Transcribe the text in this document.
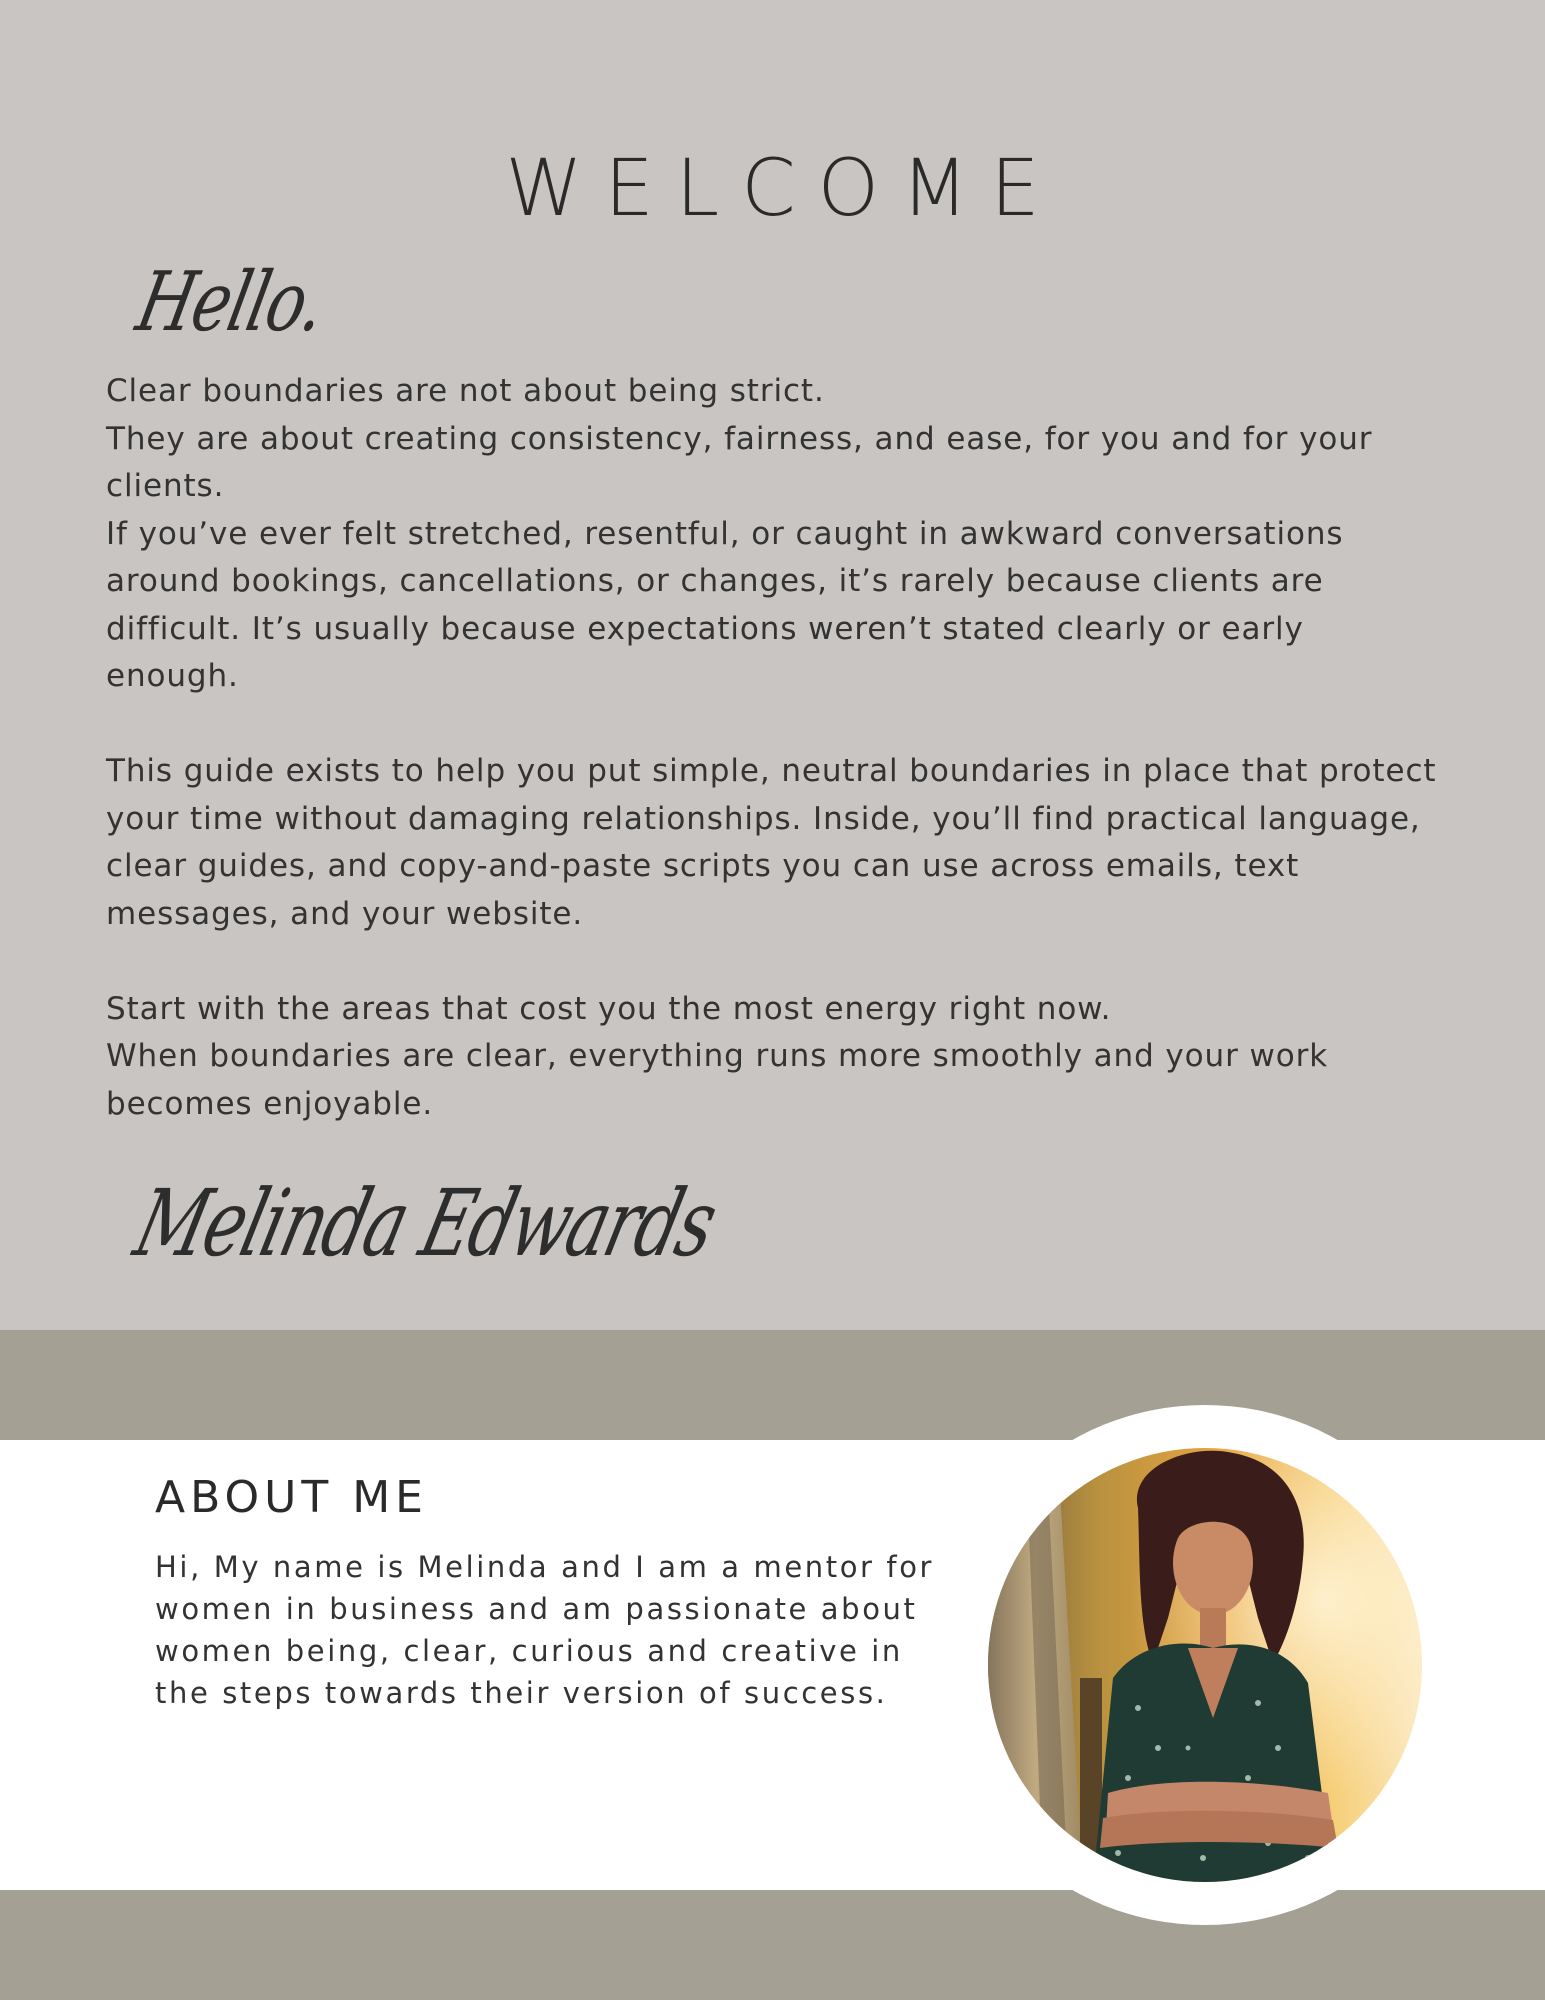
WELCOME
Hello.

Clear boundaries are not about being strict.

They are about creating consistency, fairness, and ease, for you and for your clients.

If you’ve ever felt stretched, resentful, or caught in awkward conversations around bookings, cancellations, or changes, it’s rarely because clients are difficult. It’s usually because expectations weren’t stated clearly or early enough.

This guide exists to help you put simple, neutral boundaries in place that protect your time without damaging relationships. Inside, you’ll find practical language, clear guides, and copy-and-paste scripts you can use across emails, text messages, and your website.

Start with the areas that cost you the most energy right now.

When boundaries are clear, everything runs more smoothly and your work becomes enjoyable.

Melinda Edwards
ABOUT ME

Hi, My name is Melinda and I am a mentor for women in business and am passionate about women being, clear, curious and creative in the steps towards their version of success.
